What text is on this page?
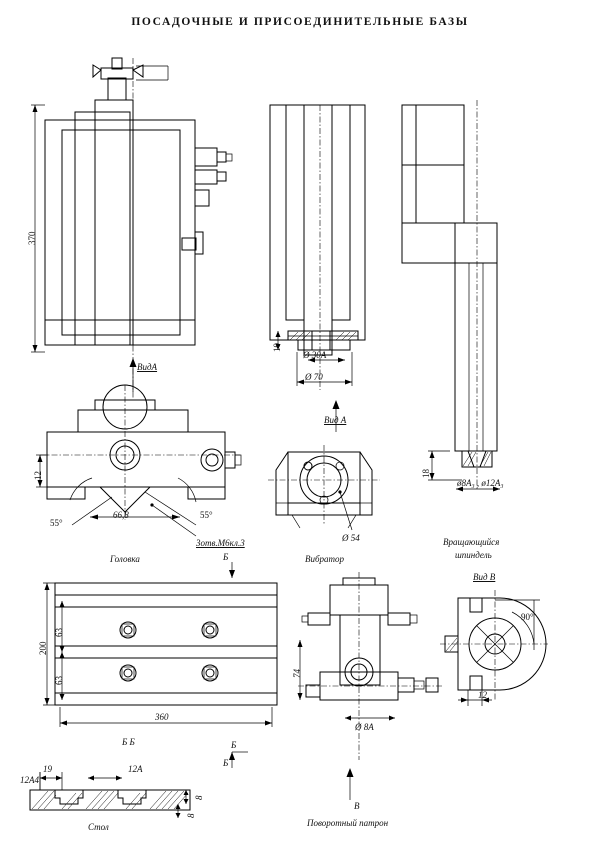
ПОСАДОЧНЫЕ И ПРИСОЕДИНИТЕЛЬНЫЕ БАЗЫ
370
ВидА
12
66,8
55°
55°
3отв.М6кл.3
Головка
10
Ø 30A
Ø 70
Вид А
Ø 54
Вибратор
18
ø8А₃ , ø12А₃
Вращающийся
шпиндель
200
63
63
360
Б
Б
Б Б
19
12А4
12А
8
8
Стол
74
Ø 8A
В
Б
Поворотный патрон
Вид В
90°
12
